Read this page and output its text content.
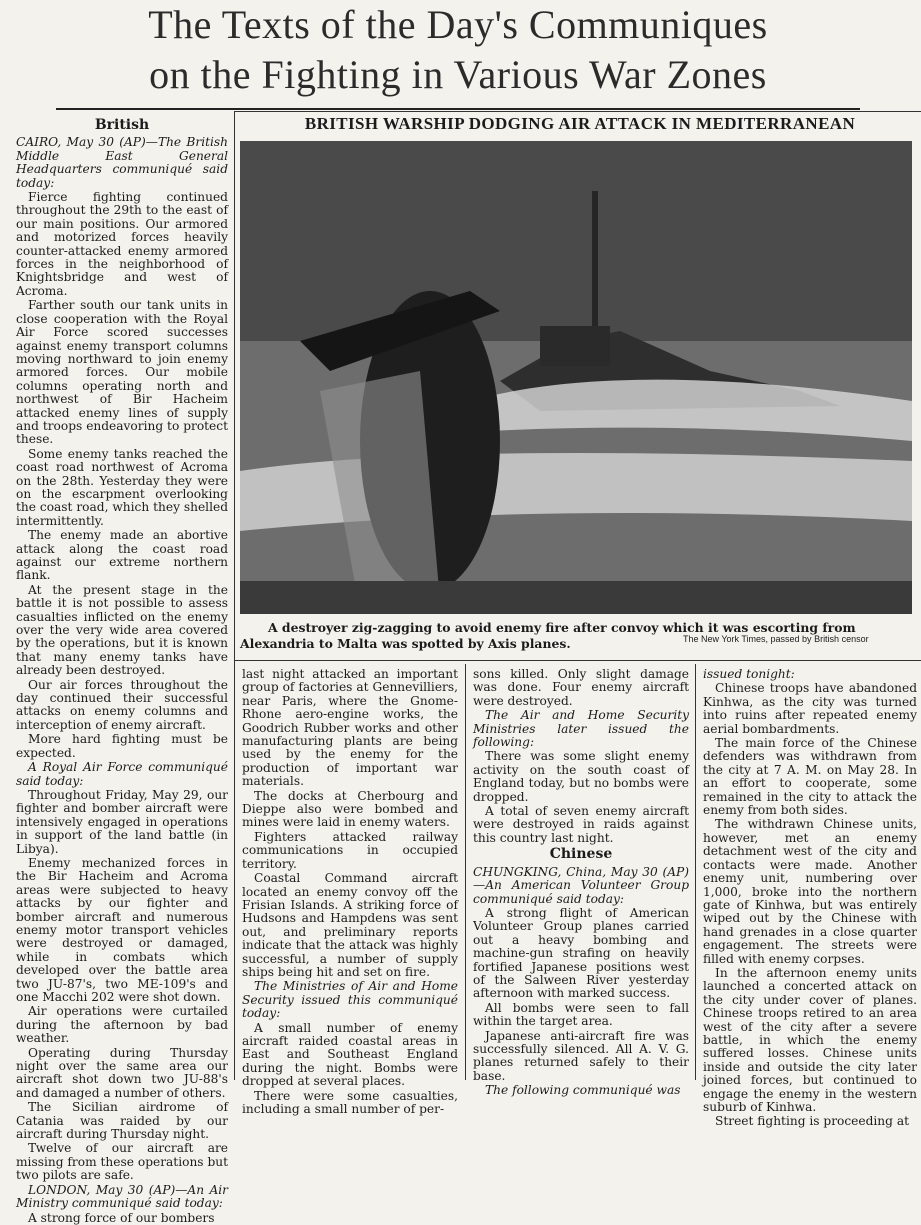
The Texts of the Day's Communiques
on the Fighting in Various War Zones
British

CAIRO, May 30 (AP)—The British Middle East General Headquarters communiqué said today:

Fierce fighting continued throughout the 29th to the east of our main positions. Our armored and motorized forces heavily counter-attacked enemy armored forces in the neighborhood of Knightsbridge and west of Acroma.

Farther south our tank units in close cooperation with the Royal Air Force scored successes against enemy transport columns moving northward to join enemy armored forces. Our mobile columns operating north and northwest of Bir Hacheim attacked enemy lines of supply and troops endeavoring to protect these.

Some enemy tanks reached the coast road northwest of Acroma on the 28th. Yesterday they were on the escarpment overlooking the coast road, which they shelled intermittently.

The enemy made an abortive attack along the coast road against our extreme northern flank.

At the present stage in the battle it is not possible to assess casualties inflicted on the enemy over the very wide area covered by the operations, but it is known that many enemy tanks have already been destroyed.

Our air forces throughout the day continued their successful attacks on enemy columns and interception of enemy aircraft.

More hard fighting must be expected.

A Royal Air Force communiqué said today:

Throughout Friday, May 29, our fighter and bomber aircraft were intensively engaged in operations in support of the land battle (in Libya).

Enemy mechanized forces in the Bir Hacheim and Acroma areas were subjected to heavy attacks by our fighter and bomber aircraft and numerous enemy motor transport vehicles were destroyed or damaged, while in combats which developed over the battle area two JU-87's, two ME-109's and one Macchi 202 were shot down.

Air operations were curtailed during the afternoon by bad weather.

Operating during Thursday night over the same area our aircraft shot down two JU-88's and damaged a number of others.

The Sicilian airdrome of Catania was raided by our aircraft during Thursday night.

Twelve of our aircraft are missing from these operations but two pilots are safe.

LONDON, May 30 (AP)—An Air Ministry communiqué said today:

A strong force of our bombers

BRITISH WARSHIP DODGING AIR ATTACK IN MEDITERRANEAN
A destroyer zig-zagging to avoid enemy fire after convoy which it was escorting from Alexandria to Malta was spotted by Axis planes.	The New York Times, passed by British censor

last night attacked an important group of factories at Gennevilliers, near Paris, where the Gnome-Rhone aero-engine works, the Goodrich Rubber works and other manufacturing plants are being used by the enemy for the production of important war materials.

The docks at Cherbourg and Dieppe also were bombed and mines were laid in enemy waters.

Fighters attacked railway communications in occupied territory.

Coastal Command aircraft located an enemy convoy off the Frisian Islands. A striking force of Hudsons and Hampdens was sent out, and preliminary reports indicate that the attack was highly successful, a number of supply ships being hit and set on fire.

The Ministries of Air and Home Security issued this communiqué today:

A small number of enemy aircraft raided coastal areas in East and Southeast England during the night. Bombs were dropped at several places.

There were some casualties, including a small number of per-

sons killed. Only slight damage was done. Four enemy aircraft were destroyed.

The Air and Home Security Ministries later issued the following:

There was some slight enemy activity on the south coast of England today, but no bombs were dropped.

A total of seven enemy aircraft were destroyed in raids against this country last night.

Chinese

CHUNGKING, China, May 30 (AP)—An American Volunteer Group communiqué said today:

A strong flight of American Volunteer Group planes carried out a heavy bombing and machine-gun strafing on heavily fortified Japanese positions west of the Salween River yesterday afternoon with marked success.

All bombs were seen to fall within the target area.

Japanese anti-aircraft fire was successfully silenced. All A. V. G. planes returned safely to their base.

The following communiqué was

issued tonight:

Chinese troops have abandoned Kinhwa, as the city was turned into ruins after repeated enemy aerial bombardments.

The main force of the Chinese defenders was withdrawn from the city at 7 A. M. on May 28. In an effort to cooperate, some remained in the city to attack the enemy from both sides.

The withdrawn Chinese units, however, met an enemy detachment west of the city and contacts were made. Another enemy unit, numbering over 1,000, broke into the northern gate of Kinhwa, but was entirely wiped out by the Chinese with hand grenades in a close quarter engagement. The streets were filled with enemy corpses.

In the afternoon enemy units launched a concerted attack on the city under cover of planes. Chinese troops retired to an area west of the city after a severe battle, in which the enemy suffered losses. Chinese units inside and outside the city later joined forces, but continued to engage the enemy in the western suburb of Kinhwa.

Street fighting is proceeding at
